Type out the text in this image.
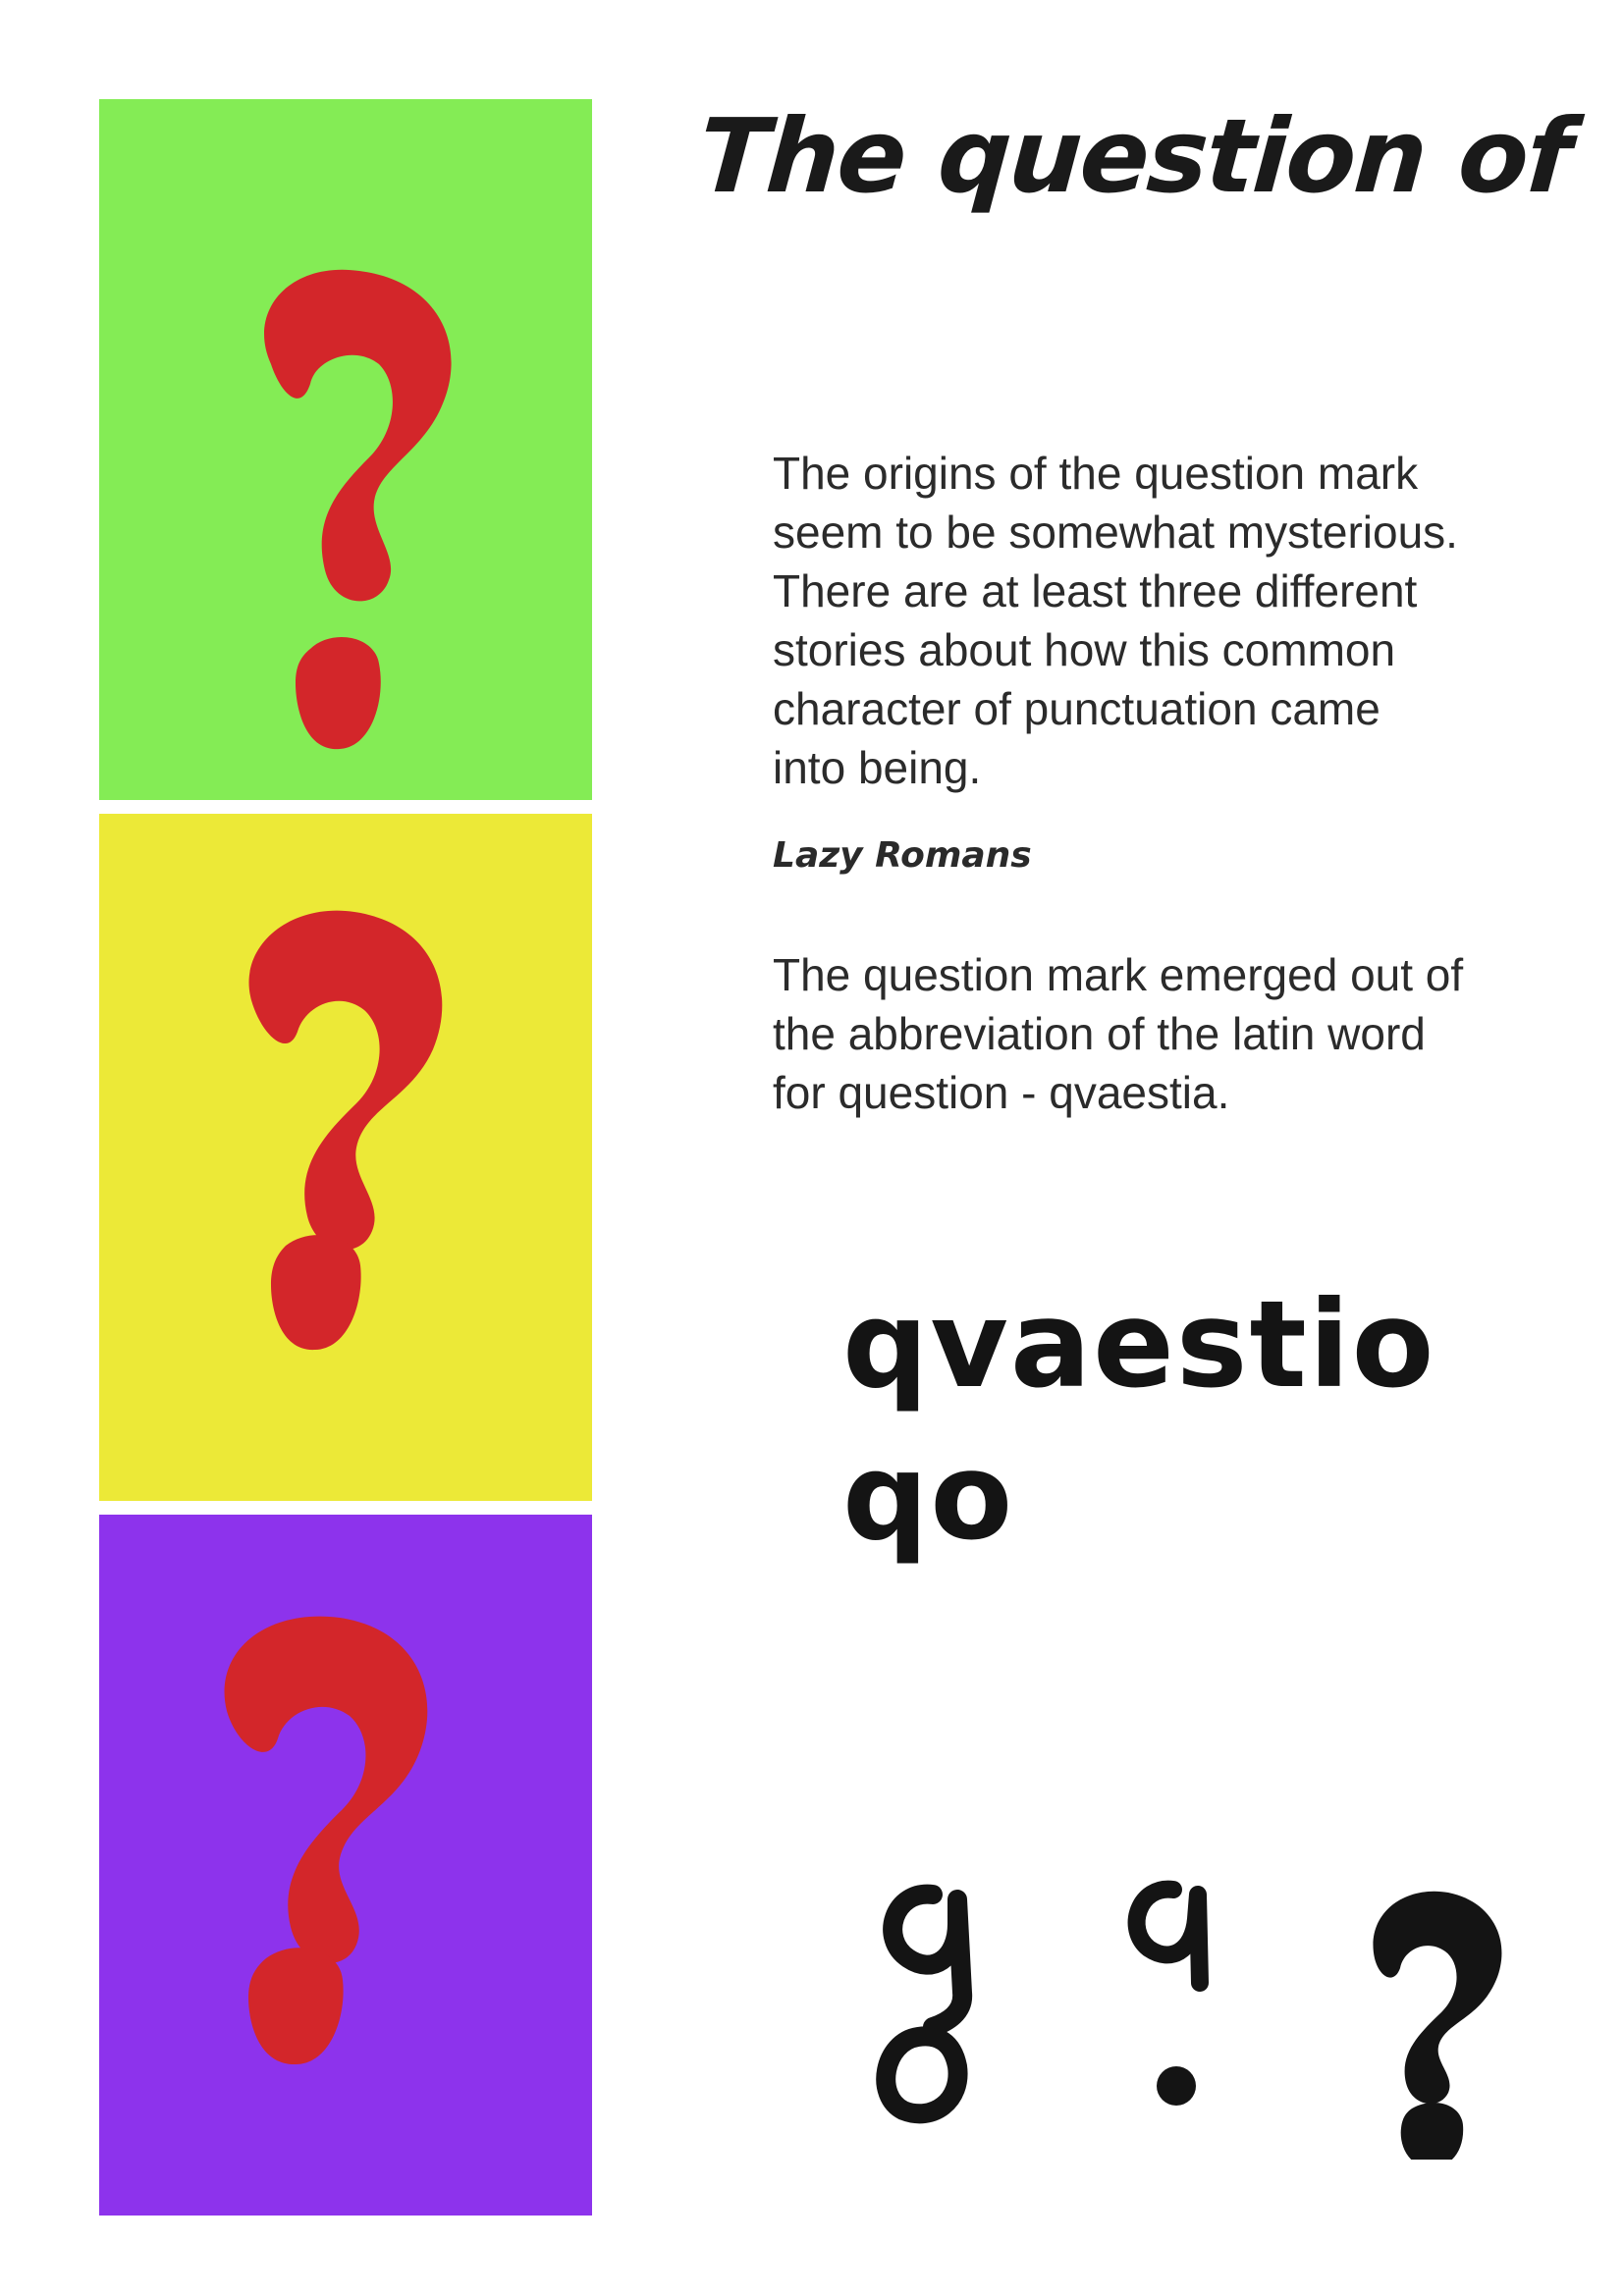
The question of
The origins of the question mark
seem to be somewhat mysterious.
There are at least three different
stories about how this common
character of punctuation came
into being.
Lazy Romans
The question mark emerged out of
the abbreviation of the latin word
for question - qvaestia.
qvaestio
qo
